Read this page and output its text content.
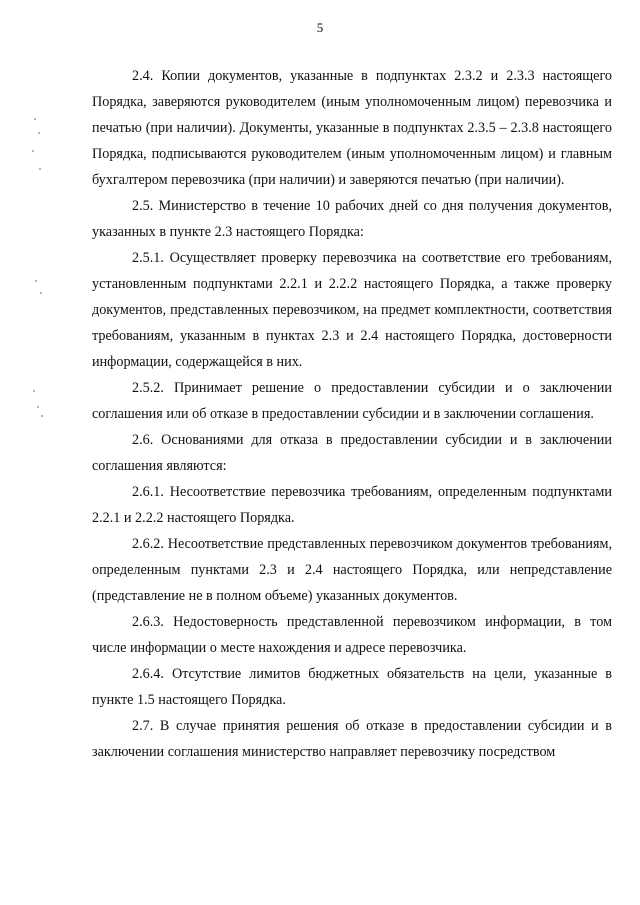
5

2.4. Копии документов, указанные в подпунктах 2.3.2 и 2.3.3 настоящего Порядка, заверяются руководителем (иным уполномоченным лицом) перевозчика и печатью (при наличии). Документы, указанные в подпунктах 2.3.5 – 2.3.8 настоящего Порядка, подписываются руководителем (иным уполномоченным лицом) и главным бухгалтером перевозчика (при наличии) и заверяются печатью (при наличии).

2.5. Министерство в течение 10 рабочих дней со дня получения документов, указанных в пункте 2.3 настоящего Порядка:

2.5.1. Осуществляет проверку перевозчика на соответствие его требованиям, установленным подпунктами 2.2.1 и 2.2.2 настоящего Порядка, а также проверку документов, представленных перевозчиком, на предмет комплектности, соответствия требованиям, указанным в пунктах 2.3 и 2.4 настоящего Порядка, достоверности информации, содержащейся в них.

2.5.2. Принимает решение о предоставлении субсидии и о заключении соглашения или об отказе в предоставлении субсидии и в заключении соглашения.

2.6. Основаниями для отказа в предоставлении субсидии и в заключении соглашения являются:

2.6.1. Несоответствие перевозчика требованиям, определенным подпунктами 2.2.1 и 2.2.2 настоящего Порядка.

2.6.2. Несоответствие представленных перевозчиком документов требованиям, определенным пунктами 2.3 и 2.4 настоящего Порядка, или непредставление (представление не в полном объеме) указанных документов.

2.6.3. Недостоверность представленной перевозчиком информации, в том числе информации о месте нахождения и адресе перевозчика.

2.6.4. Отсутствие лимитов бюджетных обязательств на цели, указанные в пункте 1.5 настоящего Порядка.

2.7. В случае принятия решения об отказе в предоставлении субсидии и в заключении соглашения министерство направляет перевозчику посредством
